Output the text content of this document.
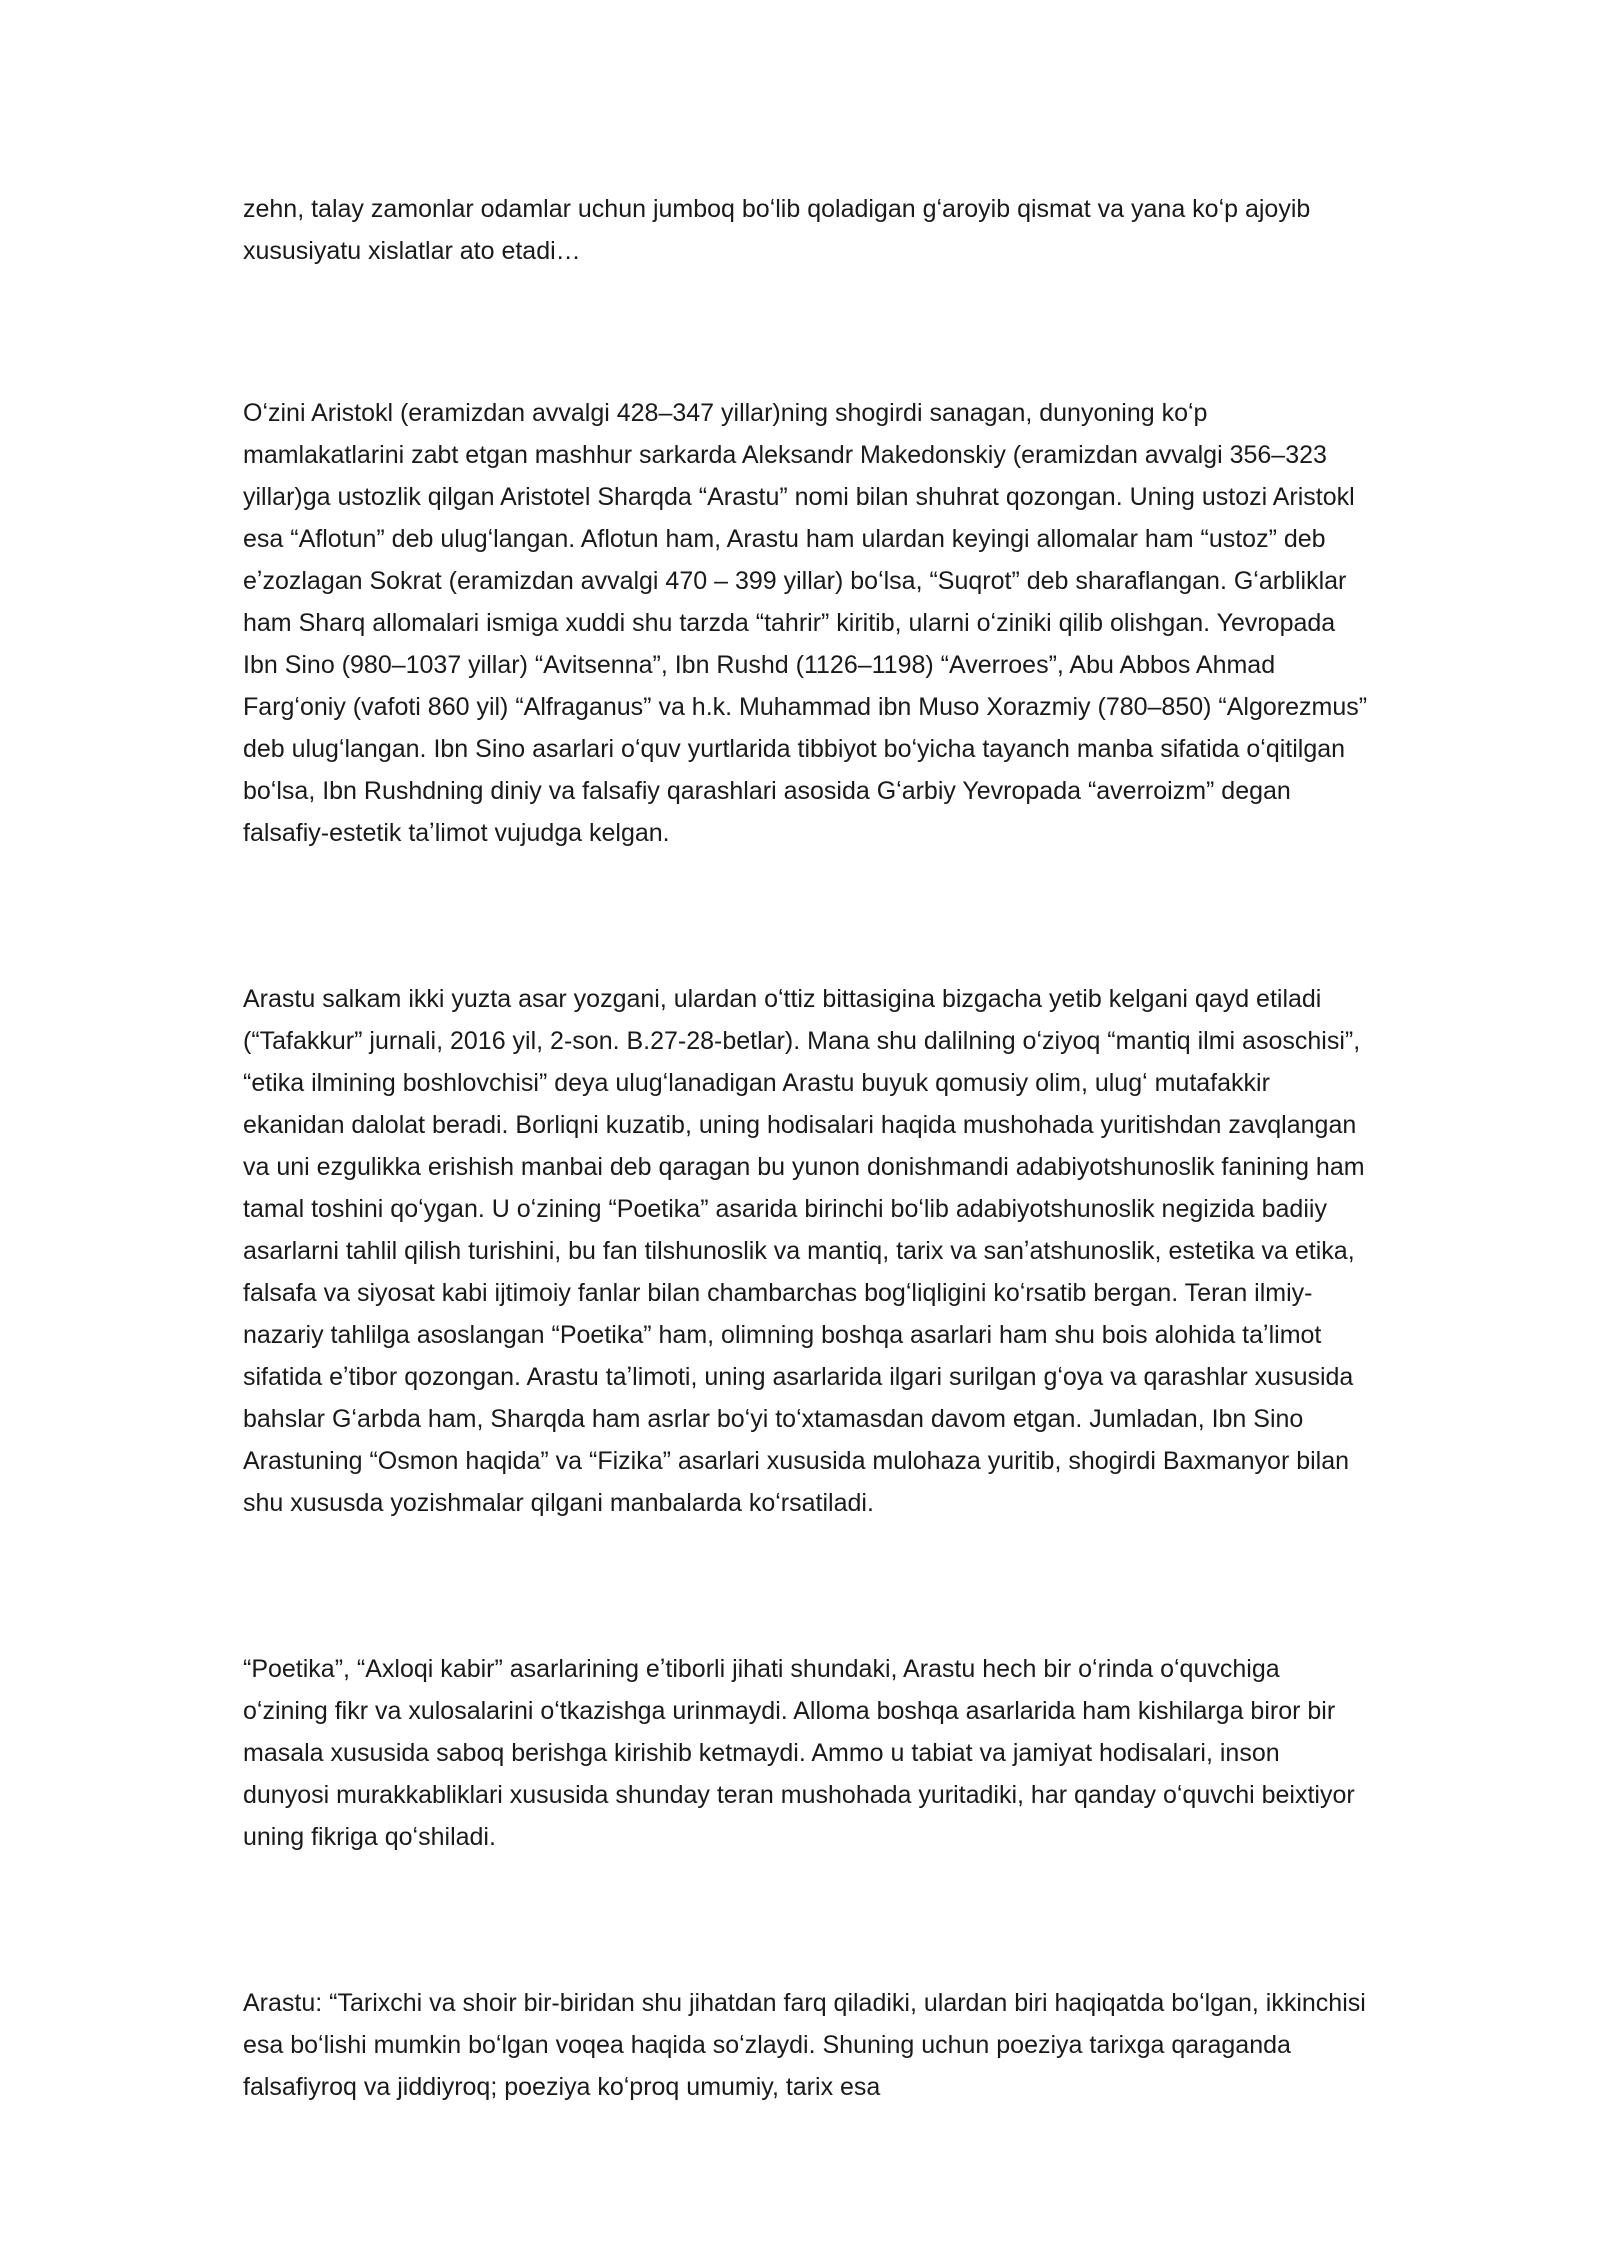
zehn, talay zamonlar odamlar uchun jumboq boʻlib qoladigan gʻaroyib qismat va yana koʻp ajoyib xususiyatu xislatlar ato etadi…

Oʻzini Aristokl (eramizdan avvalgi 428–347 yillar)ning shogirdi sanagan, dunyoning koʻp mamlakatlarini zabt etgan mashhur sarkarda Aleksandr Makedonskiy (eramizdan avvalgi 356–323 yillar)ga ustozlik qilgan Aristotel Sharqda “Arastu” nomi bilan shuhrat qozongan. Uning ustozi Aristokl esa “Aflotun” deb ulugʻlangan. Aflotun ham, Arastu ham ulardan keyingi allomalar ham “ustoz” deb eʼzozlagan Sokrat (eramizdan avvalgi 470 – 399 yillar) boʻlsa, “Suqrot” deb sharaflangan. Gʻarbliklar ham Sharq allomalari ismiga xuddi shu tarzda “tahrir” kiritib, ularni oʻziniki qilib olishgan. Yevropada Ibn Sino (980–1037 yillar) “Avitsenna”, Ibn Rushd (1126–1198) “Averroes”, Abu Abbos Ahmad Fargʻoniy (vafoti 860 yil) “Alfraganus” va h.k. Muhammad ibn Muso Xorazmiy (780–850) “Algorezmus” deb ulugʻlangan. Ibn Sino asarlari oʻquv yurtlarida tibbiyot boʻyicha tayanch manba sifatida oʻqitilgan boʻlsa, Ibn Rushdning diniy va falsafiy qarashlari asosida Gʻarbiy Yevropada “averroizm” degan falsafiy-estetik taʼlimot vujudga kelgan.

Arastu salkam ikki yuzta asar yozgani, ulardan oʻttiz bittasigina bizgacha yetib kelgani qayd etiladi (“Tafakkur” jurnali, 2016 yil, 2-son. B.27-28-betlar). Mana shu dalilning oʻziyoq “mantiq ilmi asoschisi”, “etika ilmining boshlovchisi” deya ulugʻlanadigan Arastu buyuk qomusiy olim, ulugʻ mutafakkir ekanidan dalolat beradi. Borliqni kuzatib, uning hodisalari haqida mushohada yuritishdan zavqlangan va uni ezgulikka erishish manbai deb qaragan bu yunon donishmandi adabiyotshunoslik fanining ham tamal toshini qoʻygan. U oʻzining “Poetika” asarida birinchi boʻlib adabiyotshunoslik negizida badiiy asarlarni tahlil qilish turishini, bu fan tilshunoslik va mantiq, tarix va sanʼatshunoslik, estetika va etika, falsafa va siyosat kabi ijtimoiy fanlar bilan chambarchas bogʻliqligini koʻrsatib bergan. Teran ilmiy-nazariy tahlilga asoslangan “Poetika” ham, olimning boshqa asarlari ham shu bois alohida taʼlimot sifatida eʼtibor qozongan. Arastu taʼlimoti, uning asarlarida ilgari surilgan gʻoya va qarashlar xususida bahslar Gʻarbda ham, Sharqda ham asrlar boʻyi toʻxtamasdan davom etgan. Jumladan, Ibn Sino Arastuning “Osmon haqida” va “Fizika” asarlari xususida mulohaza yuritib, shogirdi Baxmanyor bilan shu xususda yozishmalar qilgani manbalarda koʻrsatiladi.

“Poetika”, “Axloqi kabir” asarlarining eʼtiborli jihati shundaki, Arastu hech bir oʻrinda oʻquvchiga oʻzining fikr va xulosalarini oʻtkazishga urinmaydi. Alloma boshqa asarlarida ham kishilarga biror bir masala xususida saboq berishga kirishib ketmaydi. Ammo u tabiat va jamiyat hodisalari, inson dunyosi murakkabliklari xususida shunday teran mushohada yuritadiki, har qanday oʻquvchi beixtiyor uning fikriga qoʻshiladi.

Arastu: “Tarixchi va shoir bir-biridan shu jihatdan farq qiladiki, ulardan biri haqiqatda boʻlgan, ikkinchisi esa boʻlishi mumkin boʻlgan voqea haqida soʻzlaydi. Shuning uchun poeziya tarixga qaraganda falsafiyroq va jiddiyroq; poeziya koʻproq umumiy, tarix esa
